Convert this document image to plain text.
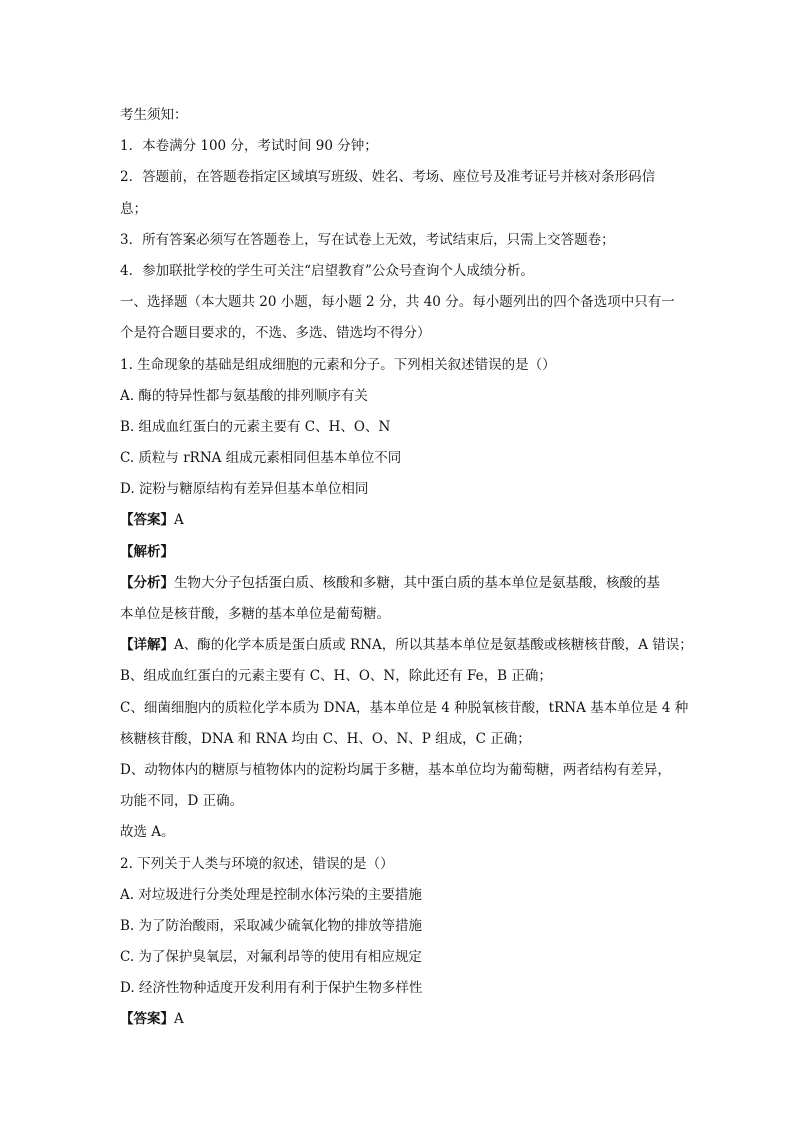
考生须知：
1．本卷满分 100 分，考试时间 90 分钟；
2．答题前，在答题卷指定区域填写班级、姓名、考场、座位号及准考证号并核对条形码信
息；
3．所有答案必须写在答题卷上，写在试卷上无效，考试结束后，只需上交答题卷；
4．参加联批学校的学生可关注“启望教育”公众号查询个人成绩分析。
一、选择题（本大题共 20 小题，每小题 2 分，共 40 分。每小题列出的四个备选项中只有一
个是符合题目要求的，不选、多选、错选均不得分）
1. 生命现象的基础是组成细胞的元素和分子。下列相关叙述错误的是（）
A. 酶的特异性都与氨基酸的排列顺序有关
B. 组成血红蛋白的元素主要有 C、H、O、N
C. 质粒与 rRNA 组成元素相同但基本单位不同
D. 淀粉与糖原结构有差异但基本单位相同
【答案】A
【解析】
【分析】生物大分子包括蛋白质、核酸和多糖，其中蛋白质的基本单位是氨基酸，核酸的基
本单位是核苷酸，多糖的基本单位是葡萄糖。
【详解】A、酶的化学本质是蛋白质或 RNA，所以其基本单位是氨基酸或核糖核苷酸，A 错误；
B、组成血红蛋白的元素主要有 C、H、O、N，除此还有 Fe，B 正确；
C、细菌细胞内的质粒化学本质为 DNA，基本单位是 4 种脱氧核苷酸，tRNA 基本单位是 4 种
核糖核苷酸，DNA 和 RNA 均由 C、H、O、N、P 组成，C 正确；
D、动物体内的糖原与植物体内的淀粉均属于多糖，基本单位均为葡萄糖，两者结构有差异，
功能不同，D 正确。
故选 A。
2. 下列关于人类与环境的叙述，错误的是（）
A. 对垃圾进行分类处理是控制水体污染的主要措施
B. 为了防治酸雨，采取减少硫氧化物的排放等措施
C. 为了保护臭氧层，对氟利昂等的使用有相应规定
D. 经济性物种适度开发利用有利于保护生物多样性
【答案】A
